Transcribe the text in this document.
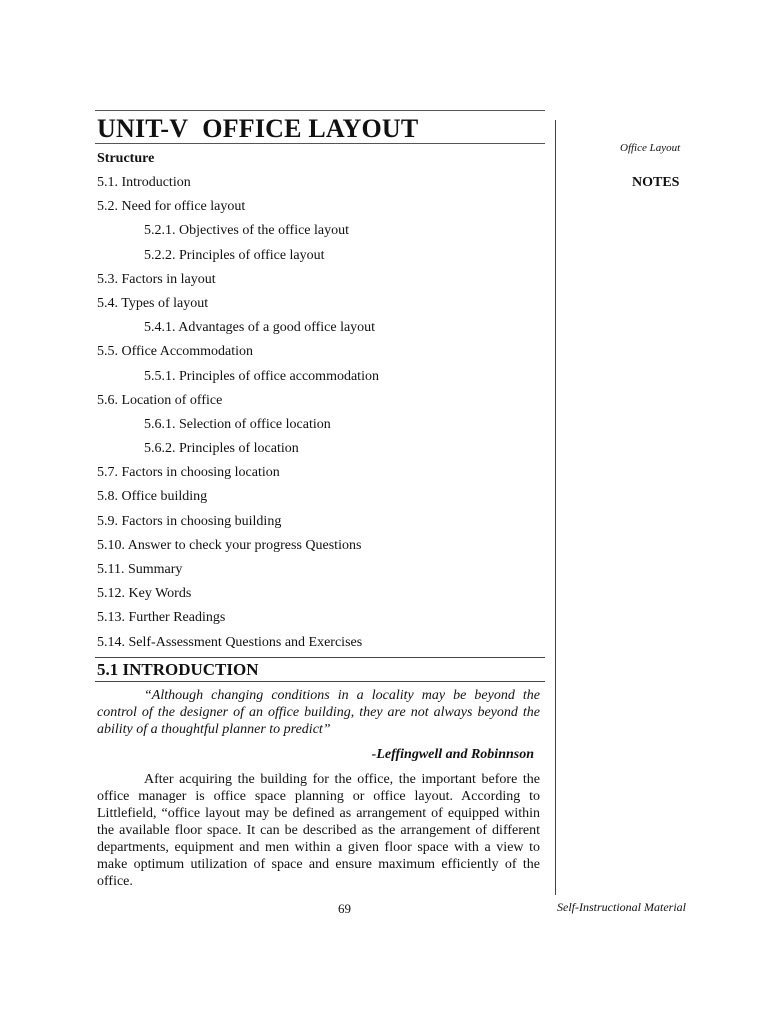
UNIT-V OFFICE LAYOUT
Office Layout
NOTES
Structure
5.1. Introduction
5.2. Need for office layout
5.2.1. Objectives of the office layout
5.2.2. Principles of office layout
5.3. Factors in layout
5.4. Types of layout
5.4.1. Advantages of a good office layout
5.5. Office Accommodation
5.5.1. Principles of office accommodation
5.6. Location of office
5.6.1. Selection of office location
5.6.2. Principles of location
5.7. Factors in choosing location
5.8. Office building
5.9. Factors in choosing building
5.10. Answer to check your progress Questions
5.11. Summary
5.12. Key Words
5.13. Further Readings
5.14. Self-Assessment Questions and Exercises
5.1 INTRODUCTION

“Although changing conditions in a locality may be beyond the control of the designer of an office building, they are not always beyond the ability of a thoughtful planner to predict”

-Leffingwell and Robinnson

After acquiring the building for the office, the important before the office manager is office space planning or office layout. According to Littlefield, “office layout may be defined as arrangement of equipped within the available floor space. It can be described as the arrangement of different departments, equipment and men within a given floor space with a view to make optimum utilization of space and ensure maximum efficiently of the office.

69	Self-Instructional Material
